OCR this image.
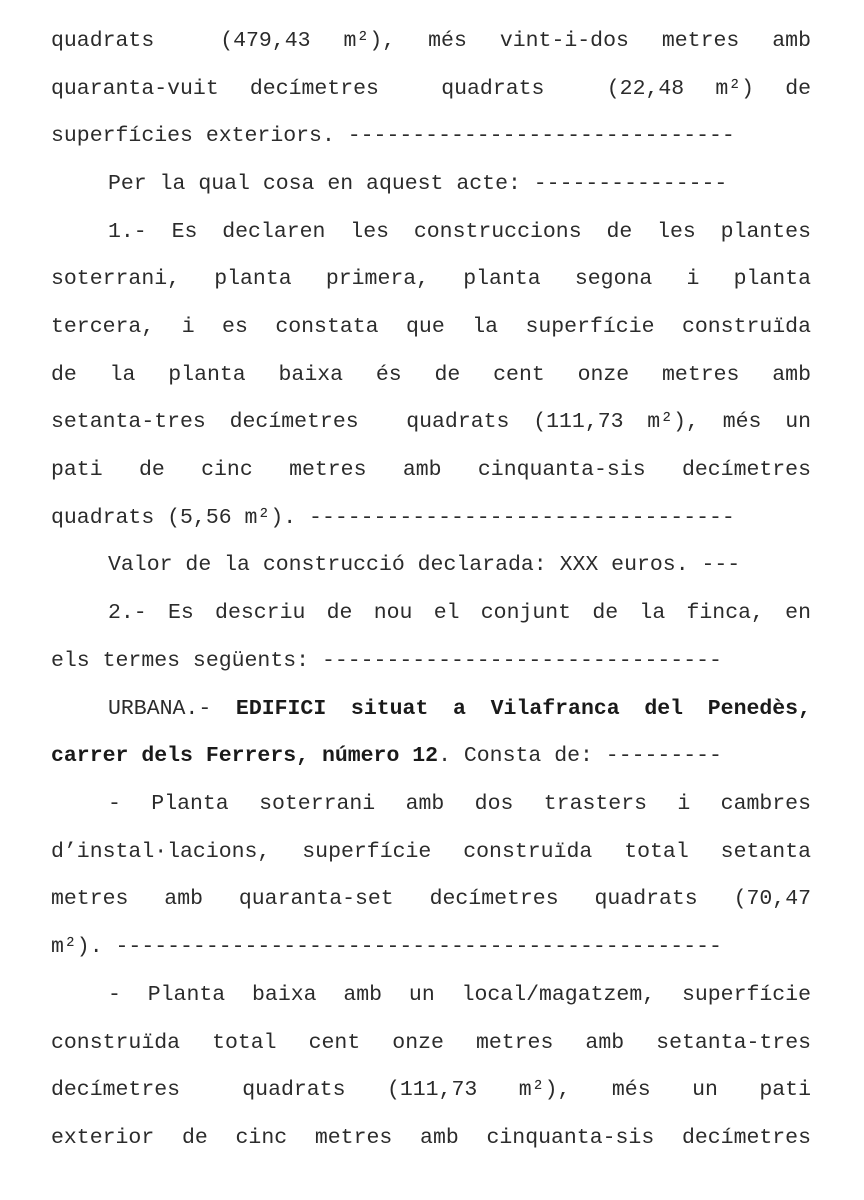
quadrats  (479,43 m²), més vint-i-dos metres amb
quaranta-vuit decímetres  quadrats  (22,48 m²) de
superfícies exteriors. ------------------------------
Per la qual cosa en aquest acte: ---------------
1.- Es declaren les construccions de les plantes
soterrani, planta primera, planta segona i planta
tercera, i es constata que la superfície construïda
de la planta baixa és de cent onze metres amb
setanta-tres decímetres  quadrats (111,73 m²), més un
pati de cinc metres amb cinquanta-sis decímetres
quadrats (5,56 m²). ---------------------------------
Valor de la construcció declarada: XXX euros. ---
2.- Es descriu de nou el conjunt de la finca, en
els termes següents: -------------------------------
URBANA.- EDIFICI situat a Vilafranca del Penedès,
carrer dels Ferrers, número 12. Consta de: ---------
- Planta soterrani amb dos trasters i cambres
d’instal·lacions, superfície construïda total setanta
metres amb quaranta-set decímetres quadrats (70,47
m²). -----------------------------------------------
- Planta baixa amb un local/magatzem, superfície
construïda total cent onze metres amb setanta-tres
decímetres   quadrats  (111,73  m²),  més  un  pati
exterior de cinc metres amb cinquanta-sis decímetres
